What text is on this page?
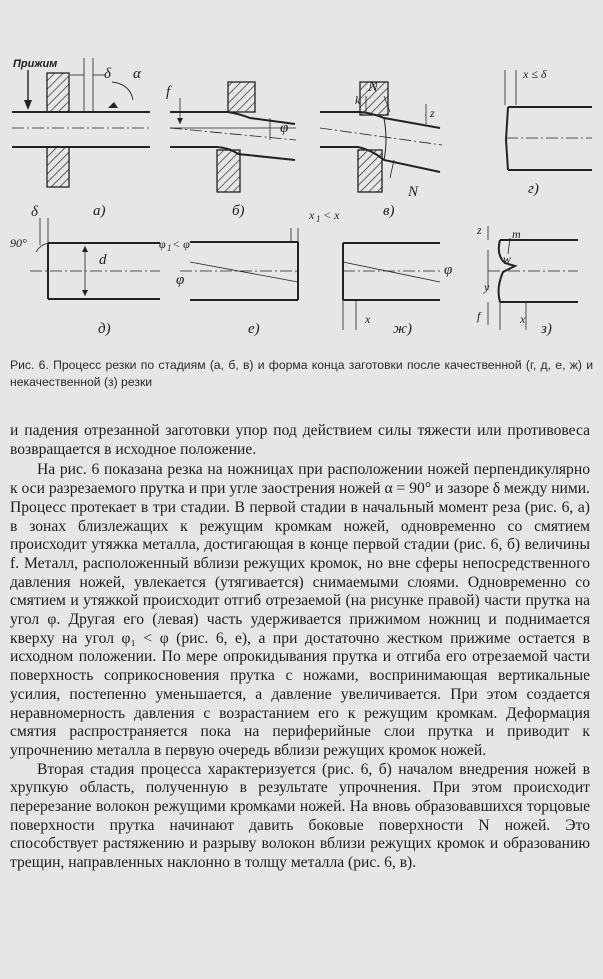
Прижим
δ α
а)
f
φ
б)
N
k
z
N
в)
x ≤ δ
г)
δ
90°
d
д)
φ 1 < φ
φ
x 1 < x
е)
φ
x
ж)
z	m
w
y
f	x
з)

Рис. 6. Процесс резки по стадиям (а, б, в) и форма конца заготовки после качественной (г, д, е, ж) и некачественной (з) резки

и падения отрезанной заготовки упор под действием силы тяжести или противовеса возвращается в исходное положение.

На рис. 6 показана резка на ножницах при расположении ножей перпендикулярно к оси разрезаемого прутка и при угле заострения ножей α = 90° и зазоре δ между ними. Процесс протекает в три стадии. В первой стадии в начальный момент реза (рис. 6, а) в зонах близлежащих к режущим кромкам ножей, одновременно со смятием происходит утяжка металла, достигающая в конце первой стадии (рис. 6, б) величины f. Металл, расположенный вблизи режущих кромок, но вне сферы непосредственного давления ножей, увлекается (утягивается) снимаемыми слоями. Одновременно со смятием и утяжкой происходит отгиб отрезаемой (на рисунке правой) части прутка на угол φ. Другая его (левая) часть удерживается прижимом ножниц и поднимается кверху на угол φ₁ < φ (рис. 6, е), а при достаточно жестком прижиме остается в исходном положении. По мере опрокидывания прутка и отгиба его отрезаемой части поверхность соприкосновения прутка с ножами, воспринимающая вертикальные усилия, постепенно уменьшается, а давление увеличивается. При этом создается неравномерность давления с возрастанием его к режущим кромкам. Деформация смятия распространяется пока на периферийные слои прутка и приводит к упрочнению металла в первую очередь вблизи режущих кромок ножей.

Вторая стадия процесса характеризуется (рис. 6, б) началом внедрения ножей в хрупкую область, полученную в результате упрочнения. При этом происходит перерезание волокон режущими кромками ножей. На вновь образовавшихся торцовые поверхности прутка начинают давить боковые поверхности N ножей. Это способствует растяжению и разрыву волокон вблизи режущих кромок и образованию трещин, направленных наклонно в толщу металла (рис. 6, в).
